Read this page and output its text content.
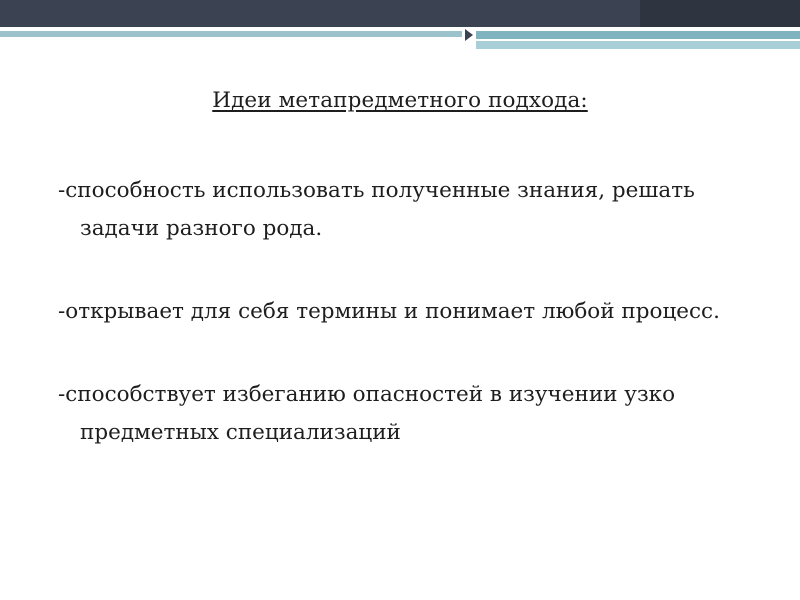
Идеи метапредметного подхода:
-способность использовать полученные знания, решать задачи разного рода.
-открывает для себя термины и понимает любой процесс.
-способствует избеганию опасностей в изучении узко предметных специализаций
